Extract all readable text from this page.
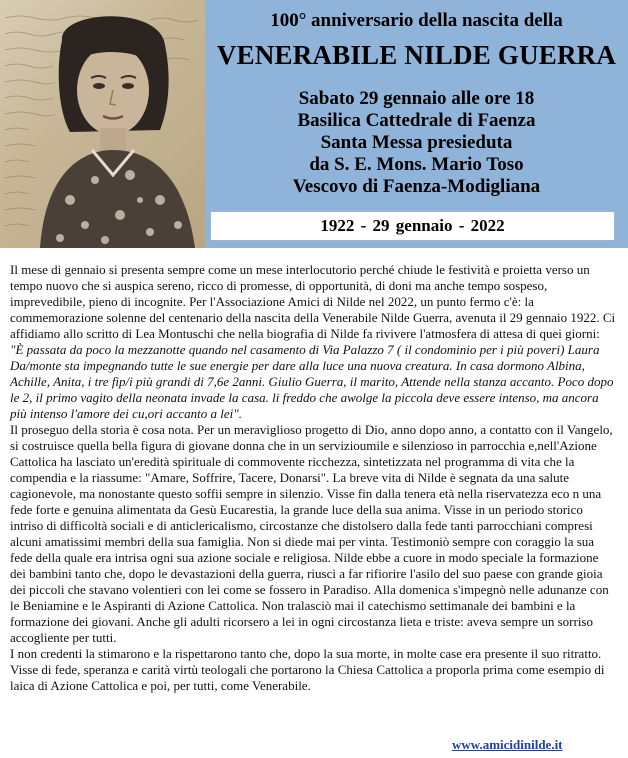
100° anniversario della nascita della
VENERABILE NILDE GUERRA
Sabato 29 gennaio alle ore 18
Basilica Cattedrale di Faenza
Santa Messa presieduta
da S. E. Mons. Mario Toso
Vescovo di Faenza-Modigliana
1922 - 29 gennaio - 2022

Il mese di gennaio si presenta sempre come un mese interlocutorio perché chiude le festività e proietta verso un tempo nuovo che si auspica sereno, ricco di promesse, di opportunità, di doni ma anche tempo sospeso, imprevedibile, pieno di incognite. Per l'Associazione Amici di Nilde nel 2022, un punto fermo c'è: la commemorazione solenne del centenario della nascita della Venerabile Nilde Guerra, avenuta il 29 gennaio 1922. Ci affidiamo allo scritto di Lea Montuschi che nella biografia di Nilde fa rivivere l'atmosfera di attesa di quei giorni: "È passata da poco la mezzanotte quando nel casamento di Via Palazzo 7 ( il condominio per i più poveri) Laura Da/monte sta impegnando tutte le sue energie per dare alla luce una nuova creatura. In casa dormono Albina, Achille, Anita, i tre fip/i più grandi di 7,6e 2anni. Giulio Guerra, il marito, Attende nella stanza accanto. Poco dopo le 2, il primo vagito della neonata invade la casa. li freddo che awolge la piccola deve essere intenso, ma ancora più intenso l'amore dei cu,ori accanto a lei".

Il proseguo della storia è cosa nota. Per un meraviglioso progetto di Dio, anno dopo anno, a contatto con il Vangelo, si costruisce quella bella figura di giovane donna che in un servizioumile e silenzioso in parrocchia e,nell'Azione Cattolica ha lasciato un'eredità spirituale di commovente ricchezza, sintetizzata nel programma di vita che la compendia e la riassume: "Amare, Soffrire, Tacere, Donarsi". La breve vita di Nilde è segnata da una salute cagionevole, ma nonostante questo soffii sempre in silenzio. Visse fin dalla tenera età nella riservatezza eco n una fede forte e genuina alimentata da Gesù Eucarestia, la grande luce della sua anima. Visse in un periodo storico intriso di difficoltà sociali e di anticlericalismo, circostanze che distolsero dalla fede tanti parrocchiani compresi alcuni amatissimi membri della sua famiglia. Non si diede mai per vinta. Testimoniò sempre con coraggio la sua fede della quale era intrisa ogni sua azione sociale e religiosa. Nilde ebbe a cuore in modo speciale la formazione dei bambini tanto che, dopo le devastazioni della guerra, riuscì a far rifiorire l'asilo del suo paese con grande gioia dei piccoli che stavano volentieri con lei come se fossero in Paradiso. Alla domenica s'impegnò nelle adunanze con le Beniamine e le Aspiranti di Azione Cattolica. Non tralasciò mai il catechismo settimanale dei bambini e la formazione dei giovani. Anche gli adulti ricorsero a lei in ogni circostanza lieta e triste: aveva sempre un sorriso accogliente per tutti.

I non credenti la stimarono e la rispettarono tanto che, dopo la sua morte, in molte case era presente il suo ritratto. Visse di fede, speranza e carità virtù teologali che portarono la Chiesa Cattolica a proporla prima come esempio di laica di Azione Cattolica e poi, per tutti, come Venerabile.

www.amicidinilde.it
